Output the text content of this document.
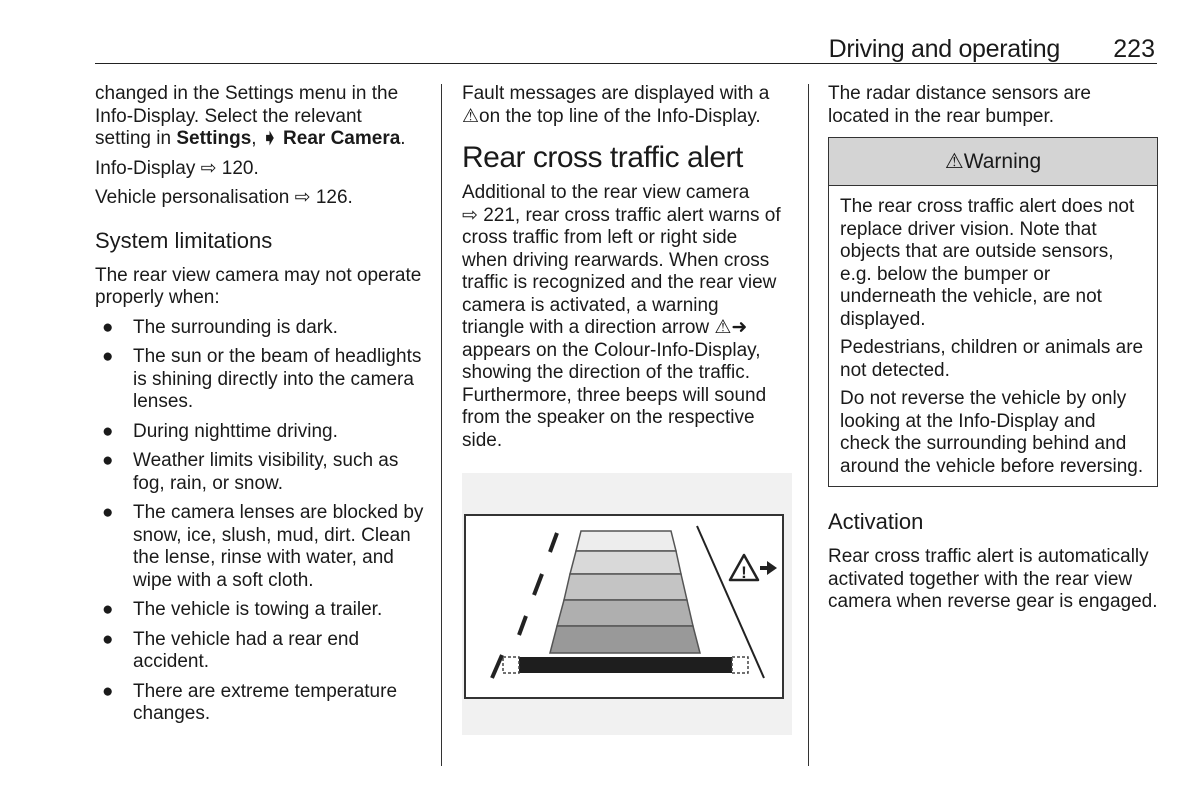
Driving and operating 223

changed in the Settings menu in the
Info-Display. Select the relevant
setting in Settings, ➧ Rear Camera.

Info-Display ⇨ 120.

Vehicle personalisation ⇨ 126.

System limitations

The rear view camera may not operate properly when:

● The surrounding is dark.
● The sun or the beam of headlights is shining directly into the camera lenses.
● During nighttime driving.
● Weather limits visibility, such as fog, rain, or snow.
● The camera lenses are blocked by snow, ice, slush, mud, dirt. Clean the lense, rinse with water, and wipe with a soft cloth.
● The vehicle is towing a trailer.
● The vehicle had a rear end accident.
● There are extreme temperature changes.

Fault messages are displayed with a
⚠on the top line of the Info-Display.

Rear cross traffic alert

Additional to the rear view camera
⇨ 221, rear cross traffic alert warns of
cross traffic from left or right side
when driving rearwards. When cross
traffic is recognized and the rear view
camera is activated, a warning
triangle with a direction arrow ⚠➜
appears on the Colour-Info-Display,
showing the direction of the traffic.
Furthermore, three beeps will sound
from the speaker on the respective
side.

!

The radar distance sensors are
located in the rear bumper.

⚠Warning

The rear cross traffic alert does not replace driver vision. Note that objects that are outside sensors, e.g. below the bumper or underneath the vehicle, are not displayed.

Pedestrians, children or animals are not detected.

Do not reverse the vehicle by only looking at the Info-Display and check the surrounding behind and around the vehicle before reversing.

Activation

Rear cross traffic alert is automatically activated together with the rear view camera when reverse gear is engaged.
